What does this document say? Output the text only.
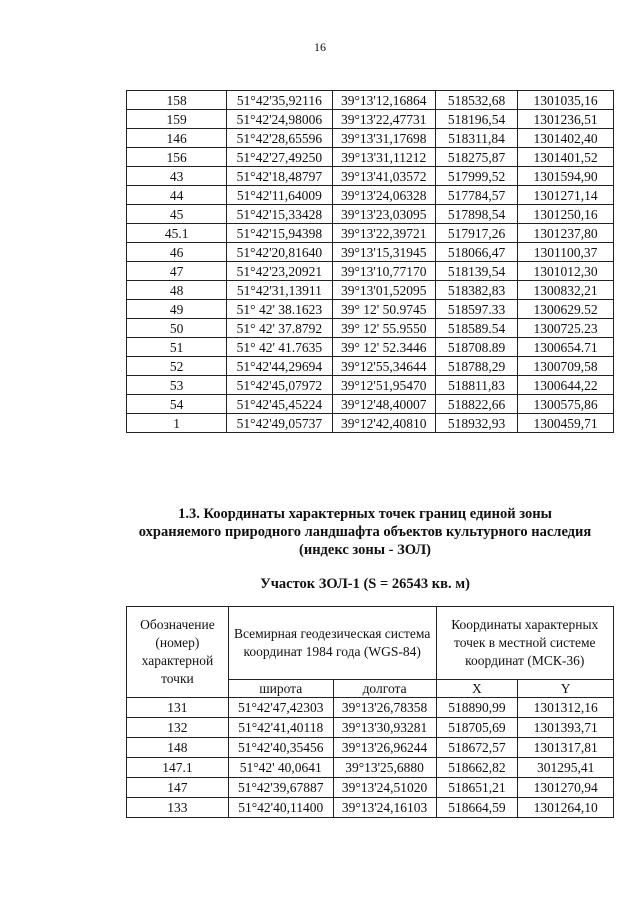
16
158	51°42'35,92116	39°13'12,16864	518532,68	1301035,16
159	51°42'24,98006	39°13'22,47731	518196,54	1301236,51
146	51°42'28,65596	39°13'31,17698	518311,84	1301402,40
156	51°42'27,49250	39°13'31,11212	518275,87	1301401,52
43	51°42'18,48797	39°13'41,03572	517999,52	1301594,90
44	51°42'11,64009	39°13'24,06328	517784,57	1301271,14
45	51°42'15,33428	39°13'23,03095	517898,54	1301250,16
45.1	51°42'15,94398	39°13'22,39721	517917,26	1301237,80
46	51°42'20,81640	39°13'15,31945	518066,47	1301100,37
47	51°42'23,20921	39°13'10,77170	518139,54	1301012,30
48	51°42'31,13911	39°13'01,52095	518382,83	1300832,21
49	51° 42' 38.1623	39° 12' 50.9745	518597.33	1300629.52
50	51° 42' 37.8792	39° 12' 55.9550	518589.54	1300725.23
51	51° 42' 41.7635	39° 12' 52.3446	518708.89	1300654.71
52	51°42'44,29694	39°12'55,34644	518788,29	1300709,58
53	51°42'45,07972	39°12'51,95470	518811,83	1300644,22
54	51°42'45,45224	39°12'48,40007	518822,66	1300575,86
1	51°42'49,05737	39°12'42,40810	518932,93	1300459,71
1.3. Координаты характерных точек границ единой зоны
охраняемого природного ландшафта объектов культурного наследия
(индекс зоны - ЗОЛ)
Участок ЗОЛ-1 (S = 26543 кв. м)
Обозначение (номер) характерной точки	Всемирная геодезическая система координат 1984 года (WGS-84)		Координаты характерных точек в местной системе координат (МСК-36)	

	широта	долгота	X	Y
131	51°42'47,42303	39°13'26,78358	518890,99	1301312,16
132	51°42'41,40118	39°13'30,93281	518705,69	1301393,71
148	51°42'40,35456	39°13'26,96244	518672,57	1301317,81
147.1	51°42' 40,0641	39°13'25,6880	518662,82	301295,41
147	51°42'39,67887	39°13'24,51020	518651,21	1301270,94
133	51°42'40,11400	39°13'24,16103	518664,59	1301264,10
